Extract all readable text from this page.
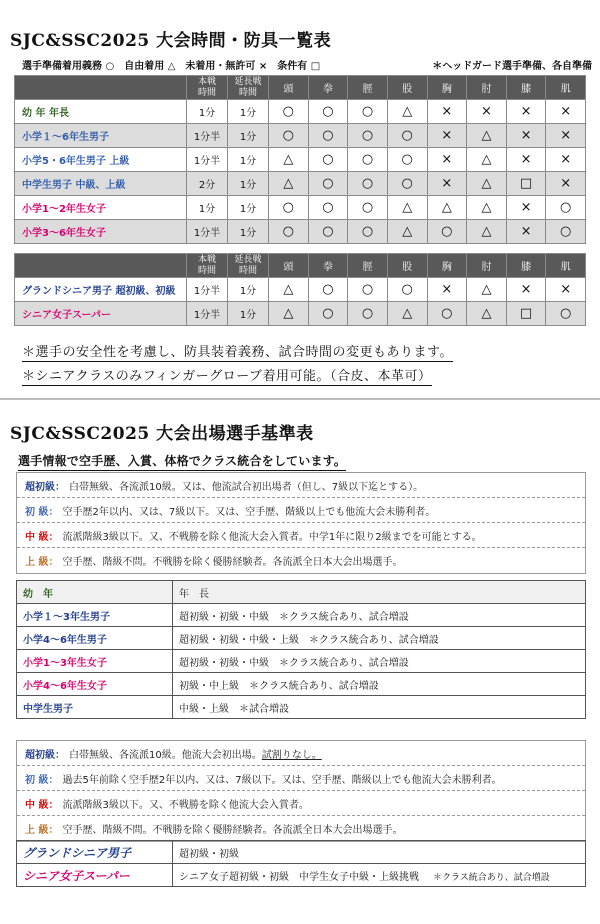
SJC&SSC2025 大会時間・防具一覧表
選手準備着用義務 ○　自由着用 △　未着用・無許可 ×　条件有 □	＊ヘッドガード選手準備、各自準備
	本戦
時間	延長戦
時間	頭	拳	脛	股	胸	肘	膝	肌
幼 年 年長	1分	1分	○	○	○	△	×	×	×	×
小学１～6年生男子	1分半	1分	○	○	○	○	×	△	×	×
小学5・6年生男子 上級	1分半	1分	△	○	○	○	×	△	×	×
中学生男子 中級、上級	2分	1分	△	○	○	○	×	△	□	×
小学1～2年生女子	1分	1分	○	○	○	△	△	△	×	○
小学3～6年生女子	1分半	1分	○	○	○	△	○	△	×	○
	本戦
時間	延長戦
時間	頭	拳	脛	股	胸	肘	膝	肌
グランドシニア男子 超初級、初級	1分半	1分	△	○	○	○	×	△	×	×
シニア女子スーパー	1分半	1分	△	○	○	△	○	△	□	○
＊選手の安全性を考慮し、防具装着義務、試合時間の変更もあります。
＊シニアクラスのみフィンガーグローブ着用可能。（合皮、本革可）
SJC&SSC2025 大会出場選手基準表
選手情報で空手歴、入賞、体格でクラス統合をしています。
超初級： 白帯無級、各流派10級。又は、他流試合初出場者（但し、7級以下迄とする）。
初 級： 空手歴2年以内、又は、7級以下。又は、空手歴、階級以上でも他流大会未勝利者。
中 級： 流派階級3級以下。又、不戦勝を除く他流大会入賞者。中学1年に限り2級までを可能とする。
上 級： 空手歴、階級不問。不戦勝を除く優勝経験者。各流派全日本大会出場選手。
幼　年	年　長
小学１～3年生男子	超初級・初級・中級　＊クラス統合あり、試合増設
小学4～6年生男子	超初級・初級・中級・上級　＊クラス統合あり、試合増設
小学1～3年生女子	超初級・初級・中級　＊クラス統合あり、試合増設
小学4～6年生女子	初級・中上級　＊クラス統合あり、試合増設
中学生男子	中級・上級　＊試合増設
超初級： 白帯無級、各流派10級。他流大会初出場。 試割りなし。
初 級： 過去5年前除く空手歴2年以内、又は、7級以下。又は、空手歴、階級以上でも他流大会未勝利者。
中 級： 流派階級3級以下。又、不戦勝を除く他流大会入賞者。
上 級： 空手歴、階級不問。不戦勝を除く優勝経験者。各流派全日本大会出場選手。
グランドシニア男子	超初級・初級
シニア女子スーパー	シニア女子超初級・初級　中学生女子中級・上級挑戦 ＊クラス統合あり、試合増設
